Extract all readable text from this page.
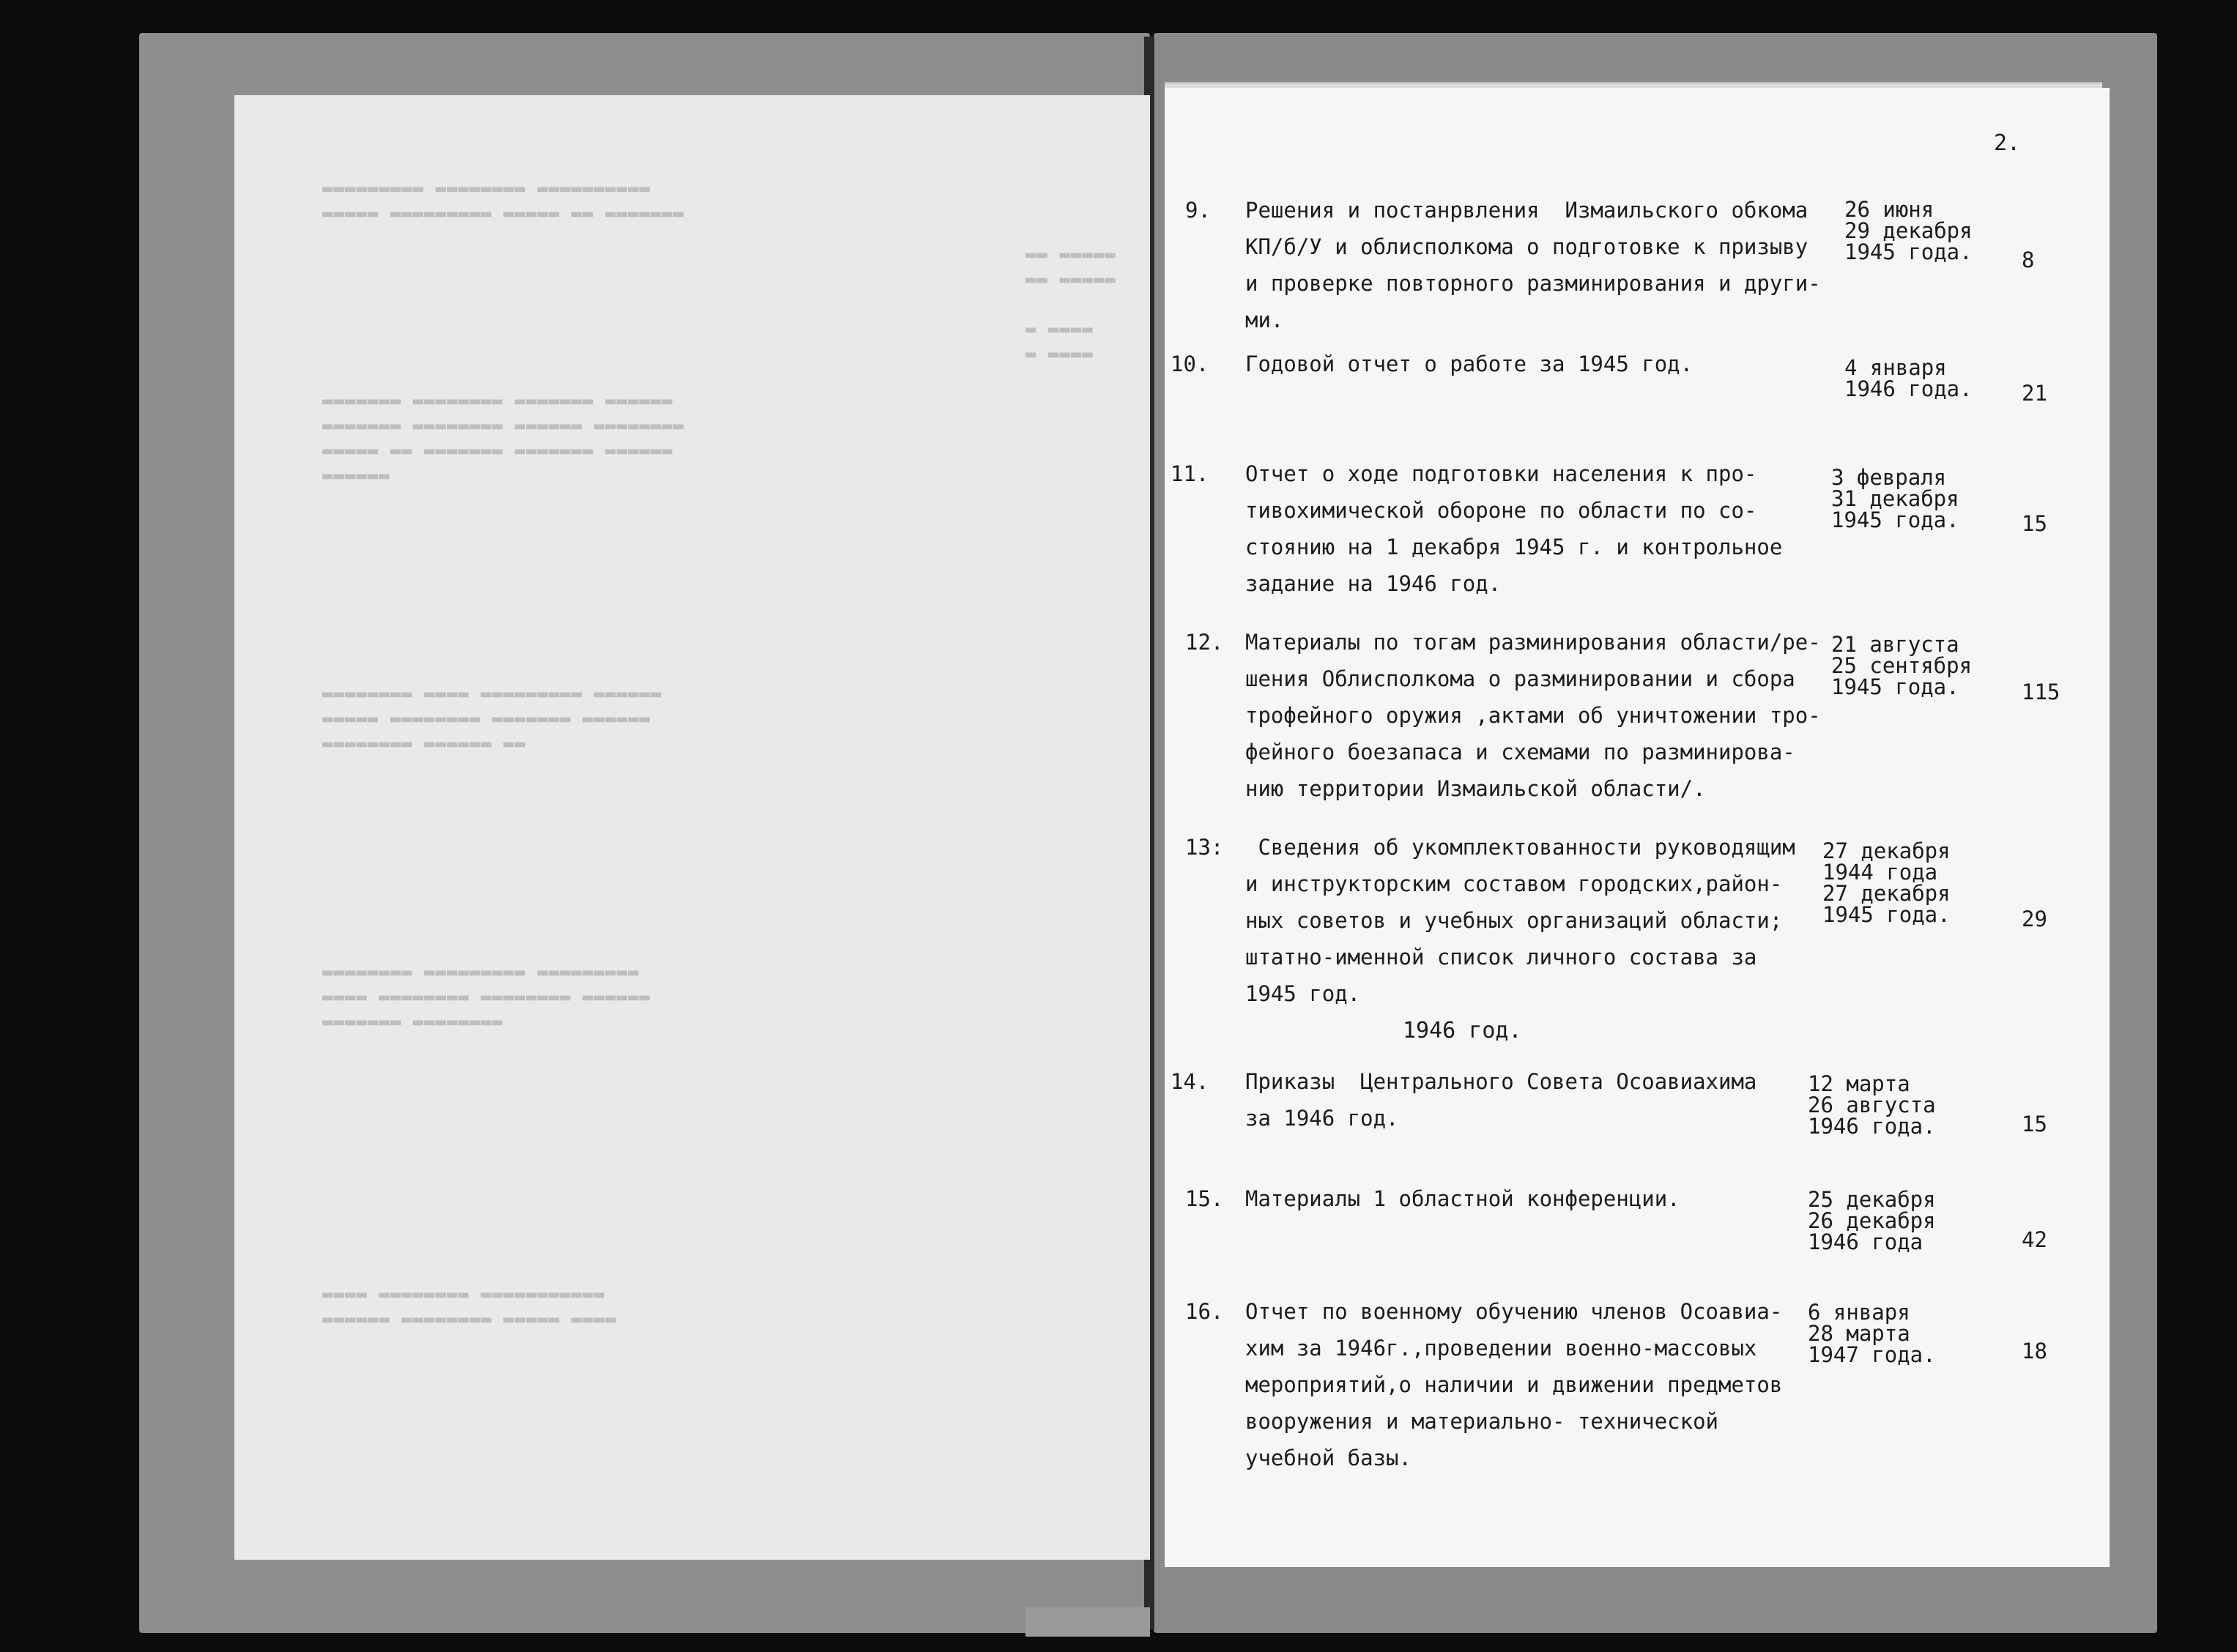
▬▬▬▬▬▬▬▬▬ ▬▬▬▬▬▬▬▬ ▬▬▬▬▬▬▬▬▬▬
▬▬▬▬▬ ▬▬▬▬▬▬▬▬▬ ▬▬▬▬▬ ▬▬ ▬▬▬▬▬▬▬
▬▬▬▬▬▬▬ ▬▬▬▬▬▬▬▬ ▬▬▬▬▬▬▬ ▬▬▬▬▬▬
▬▬▬▬▬▬▬ ▬▬▬▬▬▬▬▬ ▬▬▬▬▬▬ ▬▬▬▬▬▬▬▬
▬▬▬▬▬ ▬▬ ▬▬▬▬▬▬▬ ▬▬▬▬▬▬▬ ▬▬▬▬▬▬
▬▬▬▬▬▬
▬▬▬▬▬▬▬▬ ▬▬▬▬ ▬▬▬▬▬▬▬▬▬ ▬▬▬▬▬▬
▬▬▬▬▬ ▬▬▬▬▬▬▬▬ ▬▬▬▬▬▬▬ ▬▬▬▬▬▬
▬▬▬▬▬▬▬▬ ▬▬▬▬▬▬ ▬▬
▬▬▬▬▬▬▬▬ ▬▬▬▬▬▬▬▬▬ ▬▬▬▬▬▬▬▬▬
▬▬▬▬ ▬▬▬▬▬▬▬▬ ▬▬▬▬▬▬▬▬ ▬▬▬▬▬▬
▬▬▬▬▬▬▬ ▬▬▬▬▬▬▬▬
▬▬▬▬ ▬▬▬▬▬▬▬▬ ▬▬▬▬▬▬▬▬▬▬▬
▬▬▬▬▬▬ ▬▬▬▬▬▬▬▬ ▬▬▬▬▬ ▬▬▬▬
▬▬ ▬▬▬▬▬
▬▬ ▬▬▬▬▬

▬ ▬▬▬▬
▬ ▬▬▬▬
2.
9. Решения и постанрвления  Измаильского обкома
КП/б/У и облисполкома о подготовке к призыву
и проверке повторного разминирования и други-
ми.
26 июня
29 декабря
1945 года. 8
10. Годовой отчет о работе за 1945 год.	4 января
1946 года. 21
11. Отчет о ходе подготовки населения к про-
тивохимической обороне по области по со-
стоянию на 1 декабря 1945 г. и контрольное
задание на 1946 год.
3 февраля
31 декабря
1945 года.	15
12. Материалы по тогам разминирования области/ре-
шения Облисполкома о разминировании и сбора
трофейного оружия ,актами об уничтожении тро-
фейного боезапаса и схемами по разминирова-
нию территории Измаильской области/.
21 августа
25 сентября
1945 года.	115
13:	Сведения об укомплектованности руководящим
и инструкторским составом городских,район-
ных советов и учебных организаций области;
штатно-именной список личного состава за
1945 год.
27 декабря
1944 года
27 декабря
1945 года.	29
1946 год.
14. Приказы  Центрального Совета Осоавиахима
за 1946 год.
12 марта
26 августа
1946 года.	15
15. Материалы 1 областной конференции.	25 декабря
26 декабря
1946 года	42
16. Отчет по военному обучению членов Осоавиа-
хим за 1946г.,проведении военно-массовых
мероприятий,о наличии и движении предметов
вооружения и материально- технической
учебной базы.
6 января
28 марта
1947 года.	18
